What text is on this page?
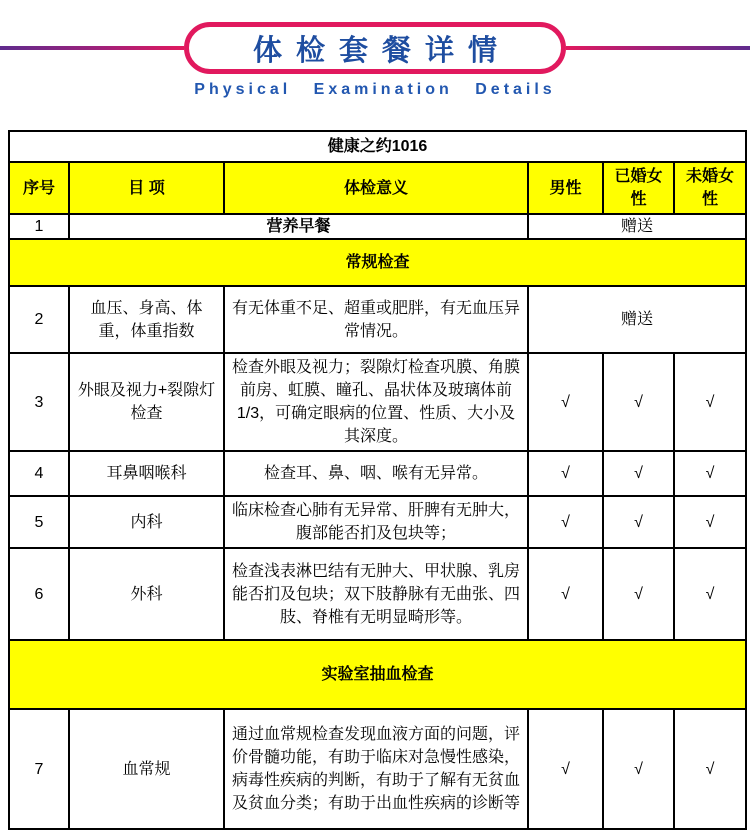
体检套餐详情
Physical Examination Details
健康之约1016					
序号	目 项	体检意义	男性	已婚女性	未婚女性
1	营养早餐		赠送		
常规检查					
2	血压、身高、体重，体重指数	有无体重不足、超重或肥胖，有无血压异常情况。	赠送		
3	外眼及视力+裂隙灯检查	检查外眼及视力；裂隙灯检查巩膜、角膜前房、虹膜、瞳孔、晶状体及玻璃体前1/3，可确定眼病的位置、性质、大小及其深度。	√	√	√
4	耳鼻咽喉科	检查耳、鼻、咽、喉有无异常。	√	√	√
5	内科	临床检查心肺有无异常、肝脾有无肿大，腹部能否扪及包块等；	√	√	√
6	外科	检查浅表淋巴结有无肿大、甲状腺、乳房能否扪及包块；双下肢静脉有无曲张、四肢、脊椎有无明显畸形等。	√	√	√
实验室抽血检查					
7	血常规	通过血常规检查发现血液方面的问题，评价骨髓功能，有助于临床对急慢性感染，病毒性疾病的判断，有助于了解有无贫血及贫血分类；有助于出血性疾病的诊断等	√	√	√
